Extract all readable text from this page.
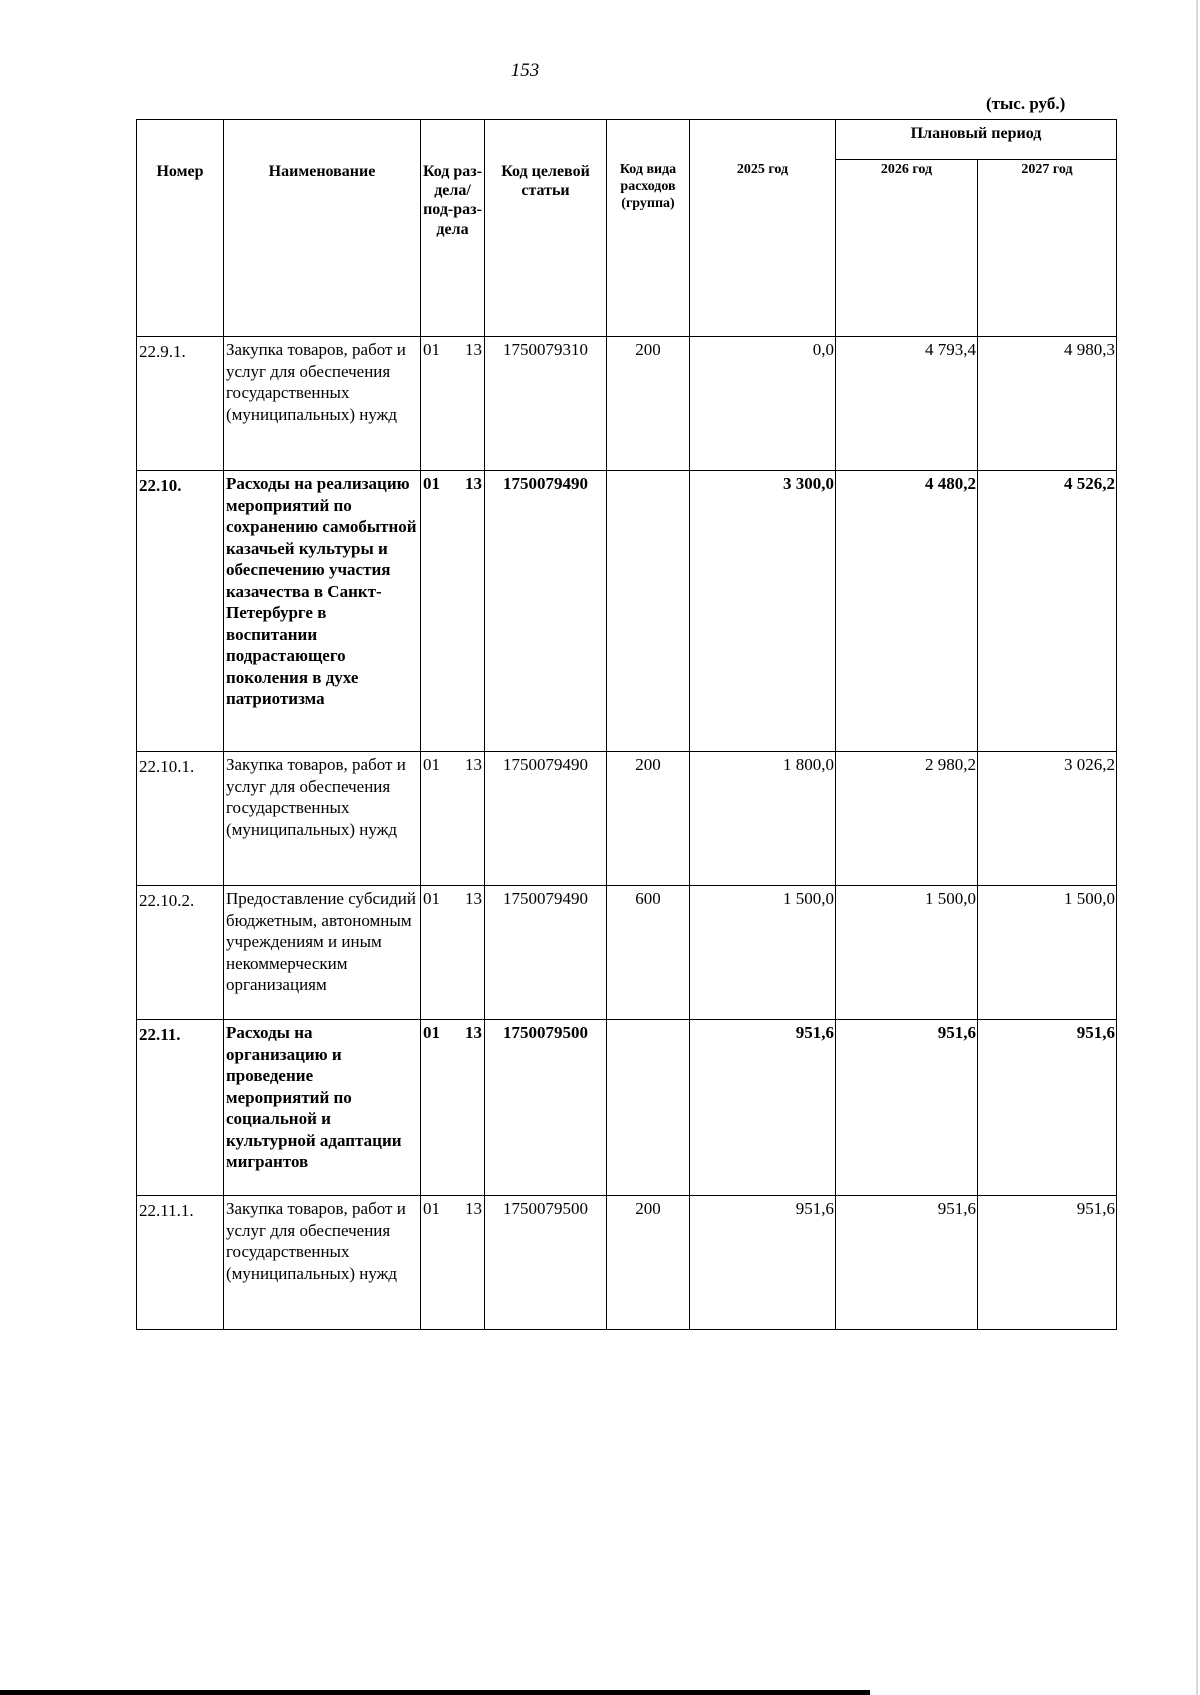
153
(тыс. руб.)
Номер	Наименование	Код раз-дела/ под-раз-дела	Код целевой статьи	Код вида расходов (группа)	2025 год	Плановый период	
						2026 год	2027 год
22.9.1.	Закупка товаров, работ и услуг для обеспечения государственных (муниципальных) нужд	01 13	1750079310	200	0,0	4 793,4	4 980,3
22.10.	Расходы на реализацию мероприятий по сохранению самобытной казачьей культуры и обеспечению участия казачества в Санкт-Петербурге в воспитании подрастающего поколения в духе патриотизма	01 13	1750079490		3 300,0	4 480,2	4 526,2
22.10.1.	Закупка товаров, работ и услуг для обеспечения государственных (муниципальных) нужд	01 13	1750079490	200	1 800,0	2 980,2	3 026,2
22.10.2.	Предоставление субсидий бюджетным, автономным учреждениям и иным некоммерческим организациям	01 13	1750079490	600	1 500,0	1 500,0	1 500,0
22.11.	Расходы на организацию и проведение мероприятий по социальной и культурной адаптации мигрантов	01 13	1750079500		951,6	951,6	951,6
22.11.1.	Закупка товаров, работ и услуг для обеспечения государственных (муниципальных) нужд	01 13	1750079500	200	951,6	951,6	951,6
